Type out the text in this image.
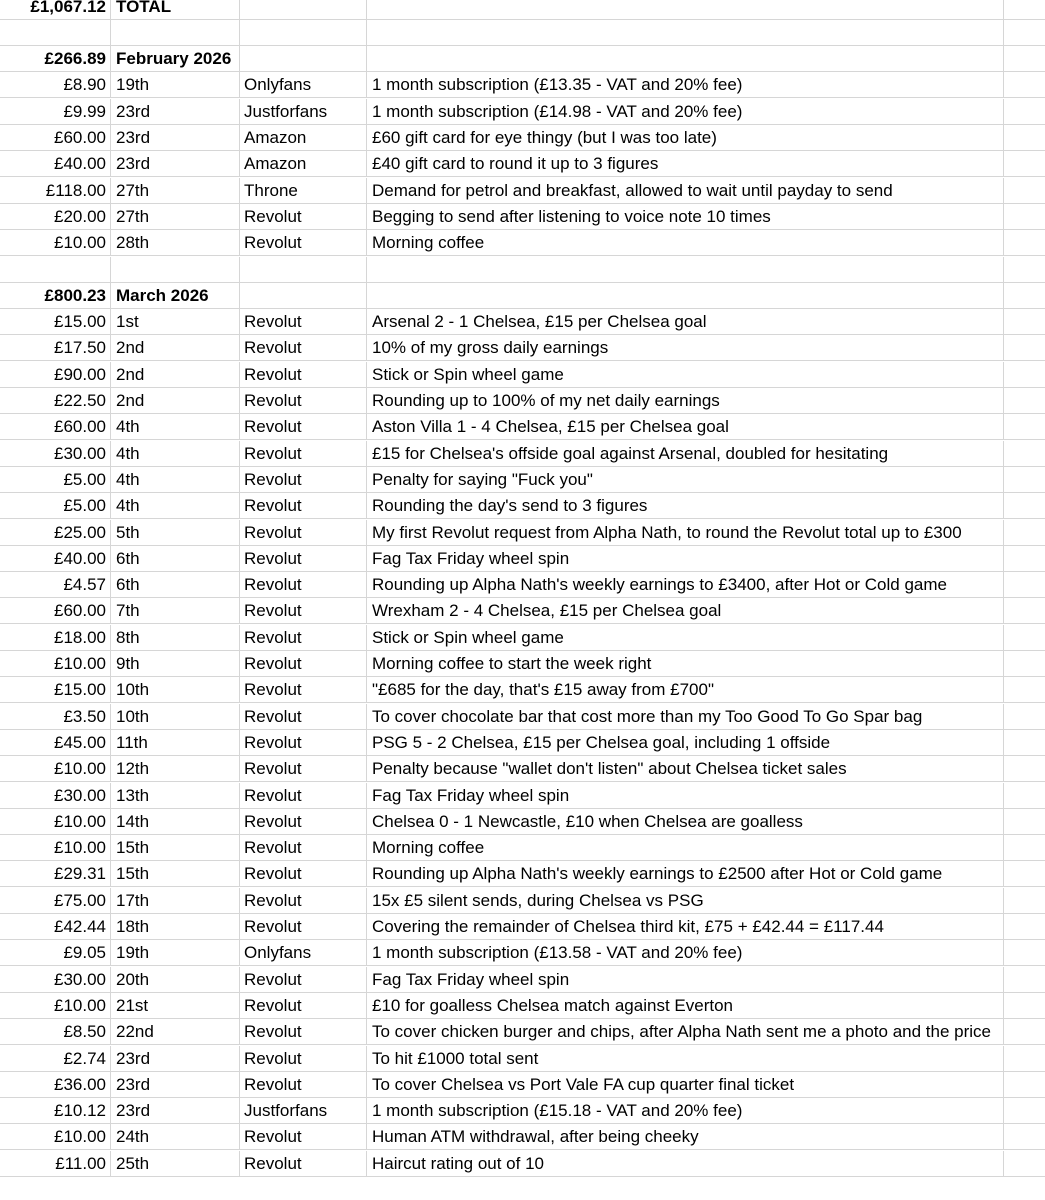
£1,067.12 TOTAL
£266.89 February 2026
£8.90 19th	Onlyfans	1 month subscription (£13.35 - VAT and 20% fee)
£9.99 23rd	Justforfans	1 month subscription (£14.98 - VAT and 20% fee)
£60.00 23rd	Amazon	£60 gift card for eye thingy (but I was too late)
£40.00 23rd	Amazon	£40 gift card to round it up to 3 figures
£118.00 27th	Throne	Demand for petrol and breakfast, allowed to wait until payday to send
£20.00 27th	Revolut	Begging to send after listening to voice note 10 times
£10.00 28th	Revolut	Morning coffee
£800.23 March 2026
£15.00 1st	Revolut	Arsenal 2 - 1 Chelsea, £15 per Chelsea goal
£17.50 2nd	Revolut	10% of my gross daily earnings
£90.00 2nd	Revolut	Stick or Spin wheel game
£22.50 2nd	Revolut	Rounding up to 100% of my net daily earnings
£60.00 4th	Revolut	Aston Villa 1 - 4 Chelsea, £15 per Chelsea goal
£30.00 4th	Revolut	£15 for Chelsea's offside goal against Arsenal, doubled for hesitating
£5.00 4th	Revolut	Penalty for saying "Fuck you"
£5.00 4th	Revolut	Rounding the day's send to 3 figures
£25.00 5th	Revolut	My first Revolut request from Alpha Nath, to round the Revolut total up to £300
£40.00 6th	Revolut	Fag Tax Friday wheel spin
£4.57 6th	Revolut	Rounding up Alpha Nath's weekly earnings to £3400, after Hot or Cold game
£60.00 7th	Revolut	Wrexham 2 - 4 Chelsea, £15 per Chelsea goal
£18.00 8th	Revolut	Stick or Spin wheel game
£10.00 9th	Revolut	Morning coffee to start the week right
£15.00 10th	Revolut	"£685 for the day, that's £15 away from £700"
£3.50 10th	Revolut	To cover chocolate bar that cost more than my Too Good To Go Spar bag
£45.00 11th	Revolut	PSG 5 - 2 Chelsea, £15 per Chelsea goal, including 1 offside
£10.00 12th	Revolut	Penalty because "wallet don't listen" about Chelsea ticket sales
£30.00 13th	Revolut	Fag Tax Friday wheel spin
£10.00 14th	Revolut	Chelsea 0 - 1 Newcastle, £10 when Chelsea are goalless
£10.00 15th	Revolut	Morning coffee
£29.31 15th	Revolut	Rounding up Alpha Nath's weekly earnings to £2500 after Hot or Cold game
£75.00 17th	Revolut	15x £5 silent sends, during Chelsea vs PSG
£42.44 18th	Revolut	Covering the remainder of Chelsea third kit, £75 + £42.44 = £117.44
£9.05 19th	Onlyfans	1 month subscription (£13.58 - VAT and 20% fee)
£30.00 20th	Revolut	Fag Tax Friday wheel spin
£10.00 21st	Revolut	£10 for goalless Chelsea match against Everton
£8.50 22nd	Revolut	To cover chicken burger and chips, after Alpha Nath sent me a photo and the price
£2.74 23rd	Revolut	To hit £1000 total sent
£36.00 23rd	Revolut	To cover Chelsea vs Port Vale FA cup quarter final ticket
£10.12 23rd	Justforfans	1 month subscription (£15.18 - VAT and 20% fee)
£10.00 24th	Revolut	Human ATM withdrawal, after being cheeky
£11.00 25th	Revolut	Haircut rating out of 10
